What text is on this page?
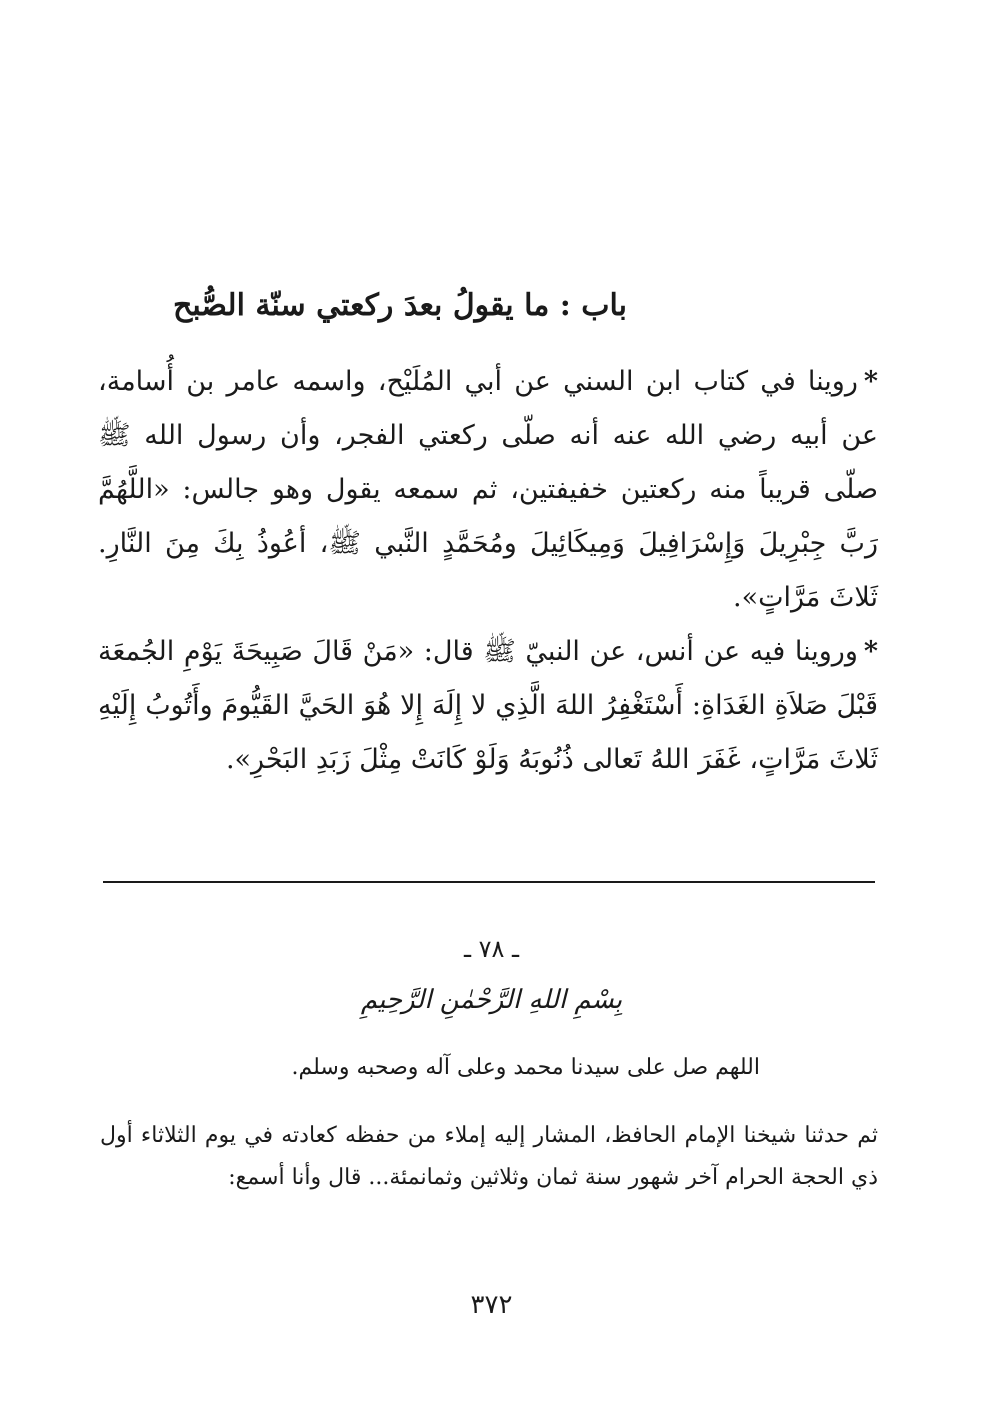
باب : ما يقولُ بعدَ ركعتي سنّة الصُّبح

*روينا في كتاب ابن السني عن أبي المُلَيْح، واسمه عامر بن أُسامة، عن أبيه رضي الله عنه أنه صلّى ركعتي الفجر، وأن رسول الله ﷺ صلّى قريباً منه ركعتين خفيفتين، ثم سمعه يقول وهو جالس: «اللَّهُمَّ رَبَّ جِبْرِيلَ وَإِسْرَافِيلَ وَمِيكَائِيلَ ومُحَمَّدٍ النَّبي ﷺ، أعُوذُ بِكَ مِنَ النَّارِ. ثَلاثَ مَرَّاتٍ».

*وروينا فيه عن أنس، عن النبيّ ﷺ قال: «مَنْ قَالَ صَبِيحَةَ يَوْمِ الجُمعَة قَبْلَ صَلاَةِ الغَدَاةِ: أَسْتَغْفِرُ اللهَ الَّذِي لا إِلَهَ إِلا هُوَ الحَيَّ القَيُّومَ وأَتُوبُ إِلَيْهِ ثَلاثَ مَرَّاتٍ، غَفَرَ اللهُ تَعالى ذُنُوبَهُ وَلَوْ كَانَتْ مِثْلَ زَبَدِ البَحْرِ».

ـ ٧٨ ـ
بِسْمِ اللهِ الرَّحْمٰنِ الرَّحِيمِ
اللهم صل على سيدنا محمد وعلى آله وصحبه وسلم.

ثم حدثنا شيخنا الإمام الحافظ، المشار إليه إملاء من حفظه كعادته في يوم الثلاثاء أول ذي الحجة الحرام آخر شهور سنة ثمان وثلاثين وثمانمئة... قال وأنا أسمع:

٣٧٢
